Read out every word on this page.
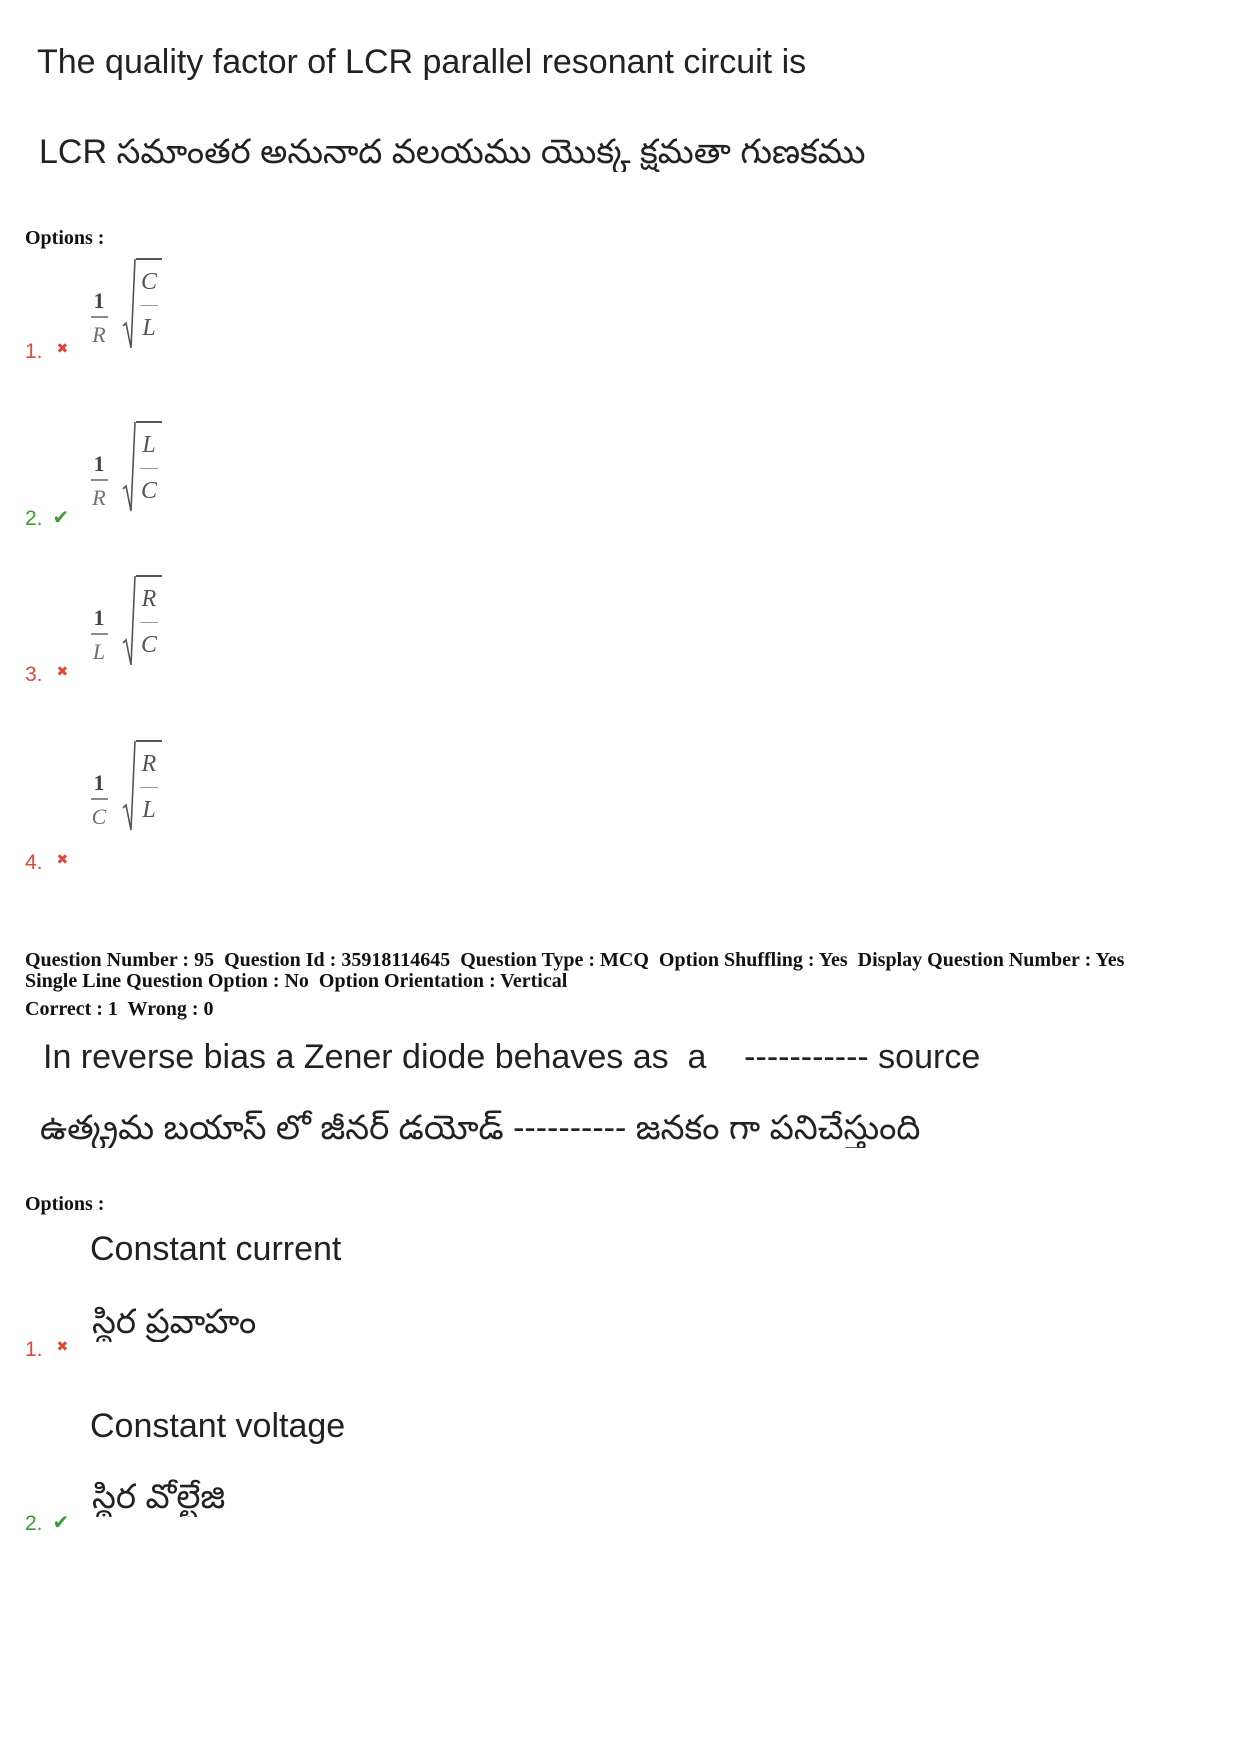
The quality factor of LCR parallel resonant circuit is
LCR సమాంతర అనునాద వలయము యొక్క క్షమతా గుణకము
Options :
$\frac{1}{R}$
C
L
1. ✖
$\frac{1}{R}$
L
C
2. ✔
$\frac{1}{L}$
R
C
3. ✖
$\frac{1}{C}$
R
L
4. ✖
Question Number : 95  Question Id : 35918114645  Question Type : MCQ  Option Shuffling : Yes  Display Question Number : Yes
Single Line Question Option : No  Option Orientation : Vertical
Correct : 1  Wrong : 0
In reverse bias a Zener diode behaves as  a    ----------- source
ఉత్క్రమ బయాస్ లో జీనర్ డయోడ్ ---------- జనకం గా పనిచేస్తుంది
Options :
Constant current
స్థిర ప్రవాహం
1. ✖
Constant voltage
స్థిర వోల్టేజి
2. ✔
